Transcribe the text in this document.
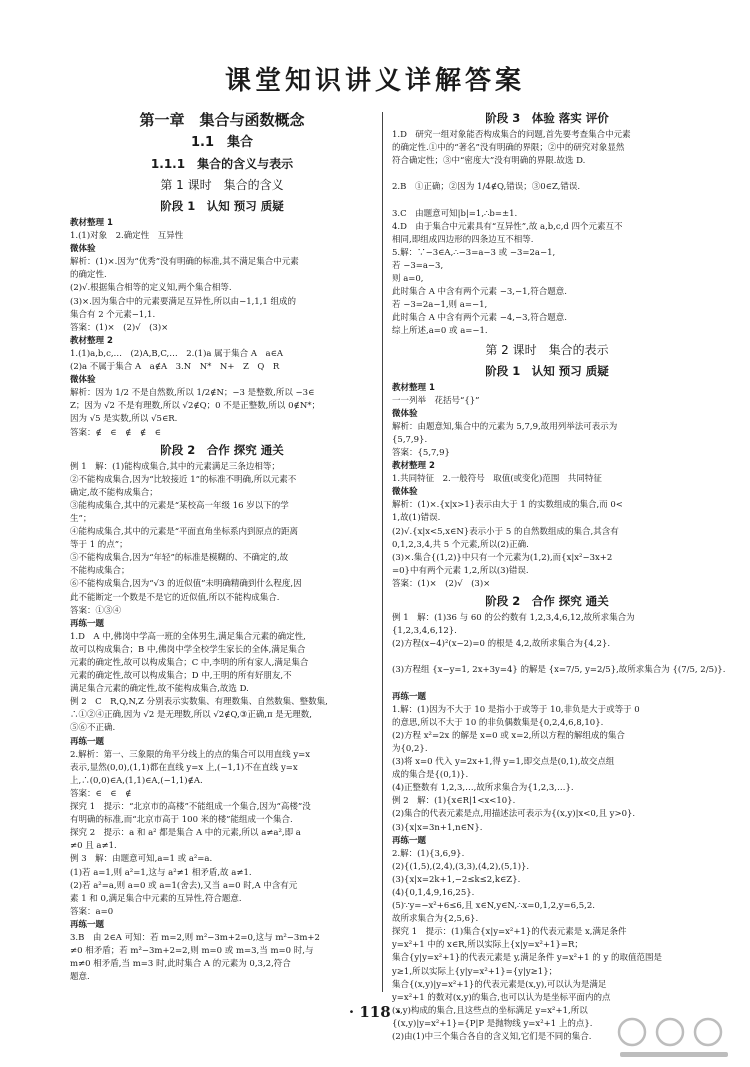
课堂知识讲义详解答案
第一章　集合与函数概念
1.1　集合
1.1.1　集合的含义与表示
第 1 课时　集合的含义
阶段 1　认知 预习 质疑
教材整理 1
1.(1)对象　2.确定性　互异性
微体验
解析：(1)×.因为“优秀”没有明确的标准,其不满足集合中元素
的确定性.
(2)√.根据集合相等的定义知,两个集合相等.
(3)×.因为集合中的元素要满足互异性,所以由−1,1,1 组成的
集合有 2 个元素−1,1.
答案：(1)×　(2)√　(3)×
教材整理 2
1.(1)a,b,c,…　(2)A,B,C,…　2.(1)a 属于集合 A　a∈A
(2)a 不属于集合 A　a∉A　3.N　N*　N+　Z　Q　R
微体验
解析：因为 1/2 不是自然数,所以 1/2∉N；−3 是整数,所以 −3∈
Z；因为 √2 不是有理数,所以 √2∉Q；0 不是正整数,所以 0∉N*；
因为 √5 是实数,所以 √5∈R.
答案：∉　∈　∉　∉　∈
阶段 2　合作 探究 通关
例 1　解：(1)能构成集合,其中的元素满足三条边相等；
②不能构成集合,因为“比较接近 1”的标准不明确,所以元素不
确定,故不能构成集合；
③能构成集合,其中的元素是“某校高一年级 16 岁以下的学
生”；
④能构成集合,其中的元素是“平面直角坐标系内到原点的距离
等于 1 的点”；
⑤不能构成集合,因为“年轻”的标准是模糊的、不确定的,故
不能构成集合；
⑥不能构成集合,因为“√3 的近似值”未明确精确到什么程度,因
此不能断定一个数是不是它的近似值,所以不能构成集合.
答案：①③④
再练一题
1.D　A 中,佛岗中学高一班的全体男生,满足集合元素的确定性,
故可以构成集合；B 中,佛岗中学全校学生家长的全体,满足集合
元素的确定性,故可以构成集合；C 中,李明的所有家人,满足集合
元素的确定性,故可以构成集合；D 中,王明的所有好朋友,不
满足集合元素的确定性,故不能构成集合,故选 D.
例 2　C　R,Q,N,Z 分别表示实数集、有理数集、自然数集、整数集,
∴①②④正确,因为 √2 是无理数,所以 √2∉Q,③正确,π 是无理数,
⑤⑥不正确.
再练一题
2.解析：第一、三象限的角平分线上的点的集合可以用直线 y=x
表示,显然(0,0),(1,1)都在直线 y=x 上,(−1,1)不在直线 y=x
上,∴(0,0)∈A,(1,1)∈A,(−1,1)∉A.
答案：∈　∈　∉
探究 1　提示：“北京市的高楼”不能组成一个集合,因为“高楼”没
有明确的标准,而“北京市高于 100 米的楼”能组成一个集合.
探究 2　提示：a 和 a² 都是集合 A 中的元素,所以 a≠a²,即 a
≠0 且 a≠1.
例 3　解：由题意可知,a=1 或 a²=a.
(1)若 a=1,则 a²=1,这与 a²≠1 相矛盾,故 a≠1.
(2)若 a²=a,则 a=0 或 a=1(舍去),又当 a=0 时,A 中含有元
素 1 和 0,满足集合中元素的互异性,符合题意.
答案：a=0
再练一题
3.B　由 2∈A 可知：若 m=2,则 m²−3m+2=0,这与 m²−3m+2
≠0 相矛盾；若 m²−3m+2=2,则 m=0 或 m=3,当 m=0 时,与
m≠0 相矛盾,当 m=3 时,此时集合 A 的元素为 0,3,2,符合
题意.
阶段 3　体验 落实 评价
1.D　研究一组对象能否构成集合的问题,首先要考查集合中元素
的确定性.①中的“著名”没有明确的界限；②中的研究对象显然
符合确定性；③中“密度大”没有明确的界限.故选 D.

2.B　①正确；②因为 1/4∉Q,错误；③0∈Z,错误.

3.C　由题意可知|b|=1,∴b=±1.
4.D　由于集合中元素具有“互异性”,故 a,b,c,d 四个元素互不
相同,即组成四边形的四条边互不相等.
5.解：∵−3∈A,∴−3=a−3 或 −3=2a−1,
若 −3=a−3,
则 a=0,
此时集合 A 中含有两个元素 −3,−1,符合题意.
若 −3=2a−1,则 a=−1,
此时集合 A 中含有两个元素 −4,−3,符合题意.
综上所述,a=0 或 a=−1.
第 2 课时　集合的表示
阶段 1　认知 预习 质疑
教材整理 1
一一列举　花括号“{}”
微体验
解析：由题意知,集合中的元素为 5,7,9,故用列举法可表示为
{5,7,9}.
答案：{5,7,9}
教材整理 2
1.共同特征　2.一般符号　取值(或变化)范围　共同特征
微体验
解析：(1)×.{x|x>1}表示由大于 1 的实数组成的集合,而 0<
1,故(1)错误.
(2)√.{x|x<5,x∈N}表示小于 5 的自然数组成的集合,其含有
0,1,2,3,4,共 5 个元素,所以(2)正确.
(3)×.集合{(1,2)}中只有一个元素为(1,2),而{x|x²−3x+2
=0}中有两个元素 1,2,所以(3)错误.
答案：(1)×　(2)√　(3)×
阶段 2　合作 探究 通关
例 1　解：(1)36 与 60 的公约数有 1,2,3,4,6,12,故所求集合为
{1,2,3,4,6,12}.
(2)方程(x−4)²(x−2)=0 的根是 4,2,故所求集合为{4,2}.

(3)方程组 {x−y=1, 2x+3y=4} 的解是 {x=7/5, y=2/5},故所求集合为 {(7/5, 2/5)}.

再练一题
1.解：(1)因为不大于 10 是指小于或等于 10,非负是大于或等于 0
的意思,所以不大于 10 的非负偶数集是{0,2,4,6,8,10}.
(2)方程 x²=2x 的解是 x=0 或 x=2,所以方程的解组成的集合
为{0,2}.
(3)将 x=0 代入 y=2x+1,得 y=1,即交点是(0,1),故交点组
成的集合是{(0,1)}.
(4)正整数有 1,2,3,…,故所求集合为{1,2,3,…}.
例 2　解：(1){x∈R|1<x<10}.
(2)集合的代表元素是点,用描述法可表示为{(x,y)|x<0,且 y>0}.
(3){x|x=3n+1,n∈N}.
再练一题
2.解：(1){3,6,9}.
(2){(1,5),(2,4),(3,3),(4,2),(5,1)}.
(3){x|x=2k+1,−2≤k≤2,k∈Z}.
(4){0,1,4,9,16,25}.
(5)∵y=−x²+6≤6,且 x∈N,y∈N,∴x=0,1,2,y=6,5,2.
故所求集合为{2,5,6}.
探究 1　提示：(1)集合{x|y=x²+1}的代表元素是 x,满足条件
y=x²+1 中的 x∈R,所以实际上{x|y=x²+1}=R；
集合{y|y=x²+1}的代表元素是 y,满足条件 y=x²+1 的 y 的取值范围是
y≥1,所以实际上{y|y=x²+1}={y|y≥1}；
集合{(x,y)|y=x²+1}的代表元素是(x,y),可以认为是满足
y=x²+1 的数对(x,y)的集合,也可以认为是坐标平面内的点
(x,y)构成的集合,且这些点的坐标满足 y=x²+1,所以
{(x,y)|y=x²+1}={P|P 是抛物线 y=x²+1 上的点}.
(2)由(1)中三个集合各自的含义知,它们是不同的集合.
· 118 ·
